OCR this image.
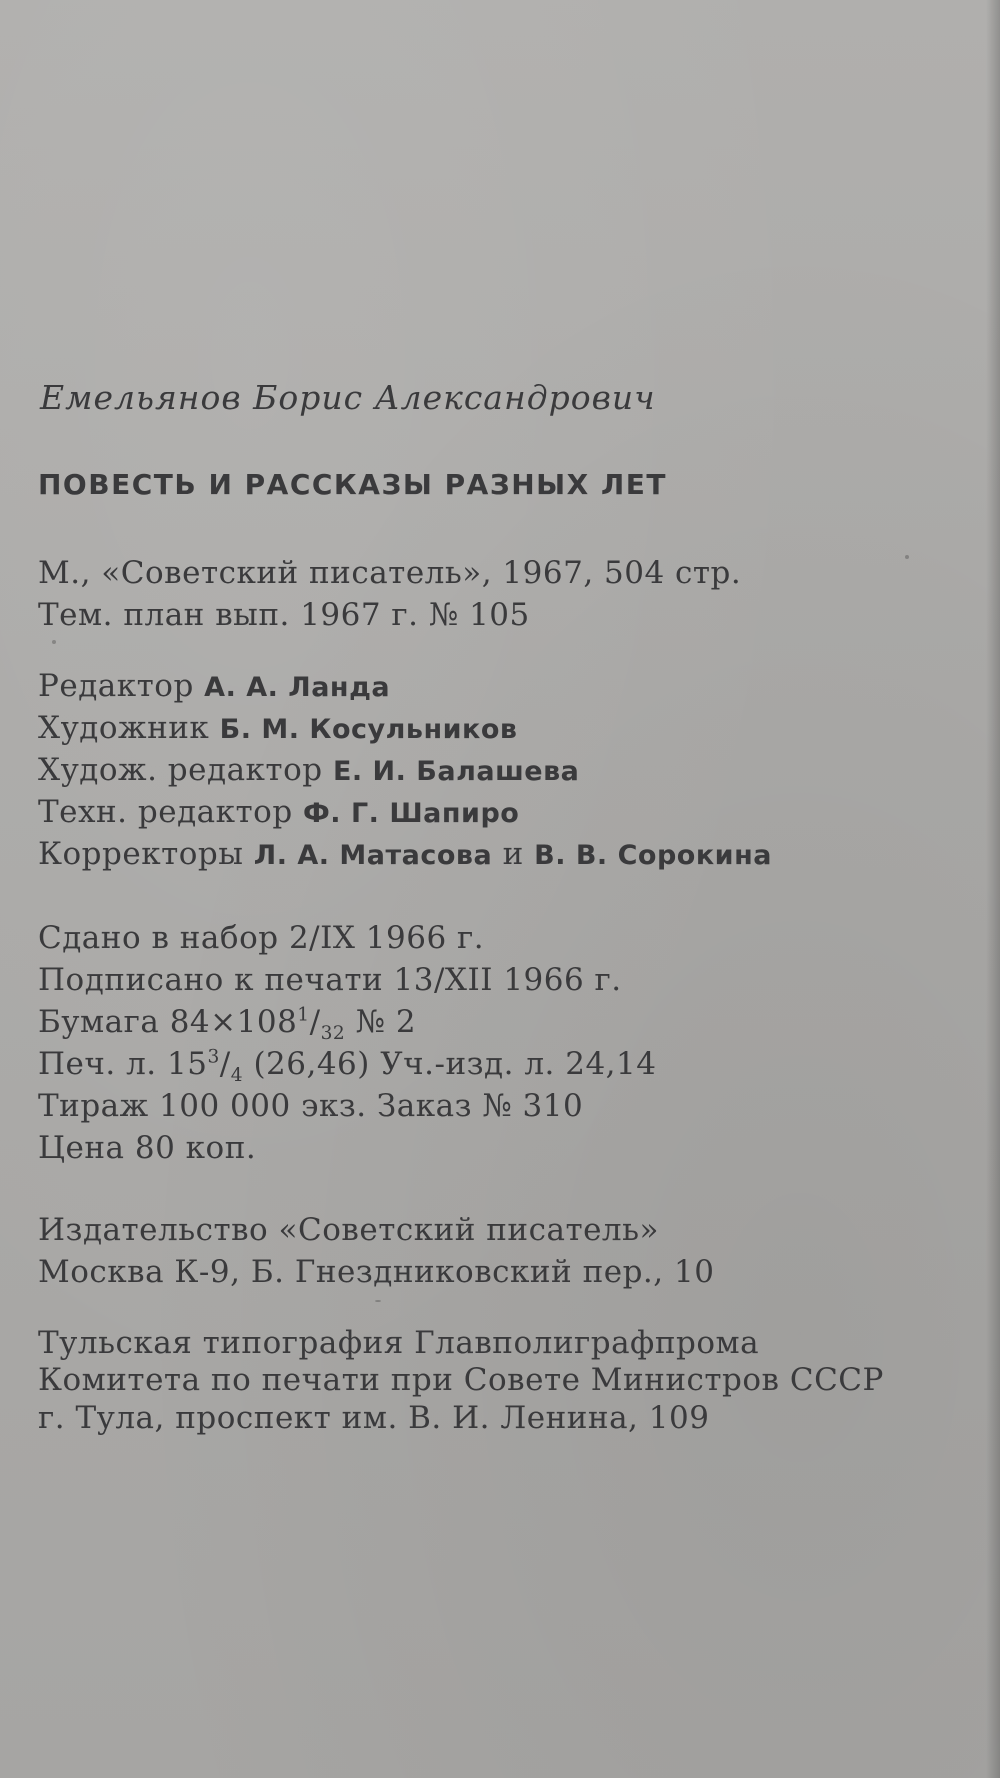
Емельянов Борис Александрович
ПОВЕСТЬ И РАССКАЗЫ РАЗНЫХ ЛЕТ
М., «Советский писатель», 1967, 504 стр.
Тем. план вып. 1967 г. № 105
Редактор А. А. Ланда
Художник Б. М. Косульников
Худож. редактор Е. И. Балашева
Техн. редактор Ф. Г. Шапиро
Корректоры Л. А. Матасова и В. В. Сорокина
Сдано в набор 2/IX 1966 г.
Подписано к печати 13/XII 1966 г.
Бумага $84\times 108^1/_{32}$ № 2
Печ. л. $15^3/_4$ (26,46) Уч.-изд. л. 24,14
Тираж 100 000 экз. Заказ № 310
Цена 80 коп.
Издательство «Советский писатель»
Москва К-9, Б. Гнездниковский пер., 10
Тульская типография Главполиграфпрома
Комитета по печати при Совете Министров СССР
г. Тула, проспект им. В. И. Ленина, 109
